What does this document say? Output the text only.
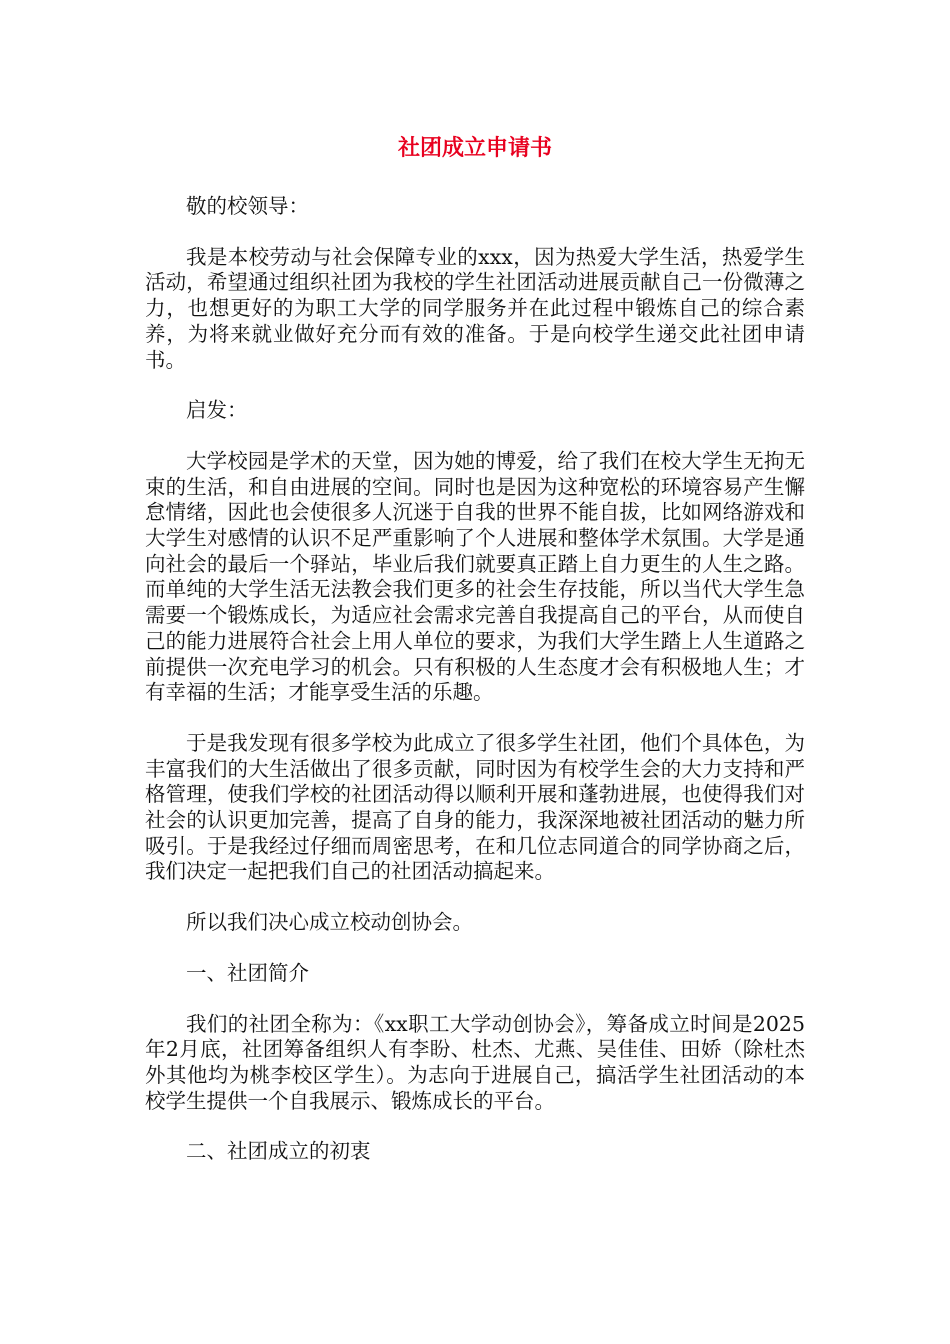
社团成立申请书

敬的校领导：

我是本校劳动与社会保障专业的xxx，因为热爱大学生活，热爱学生活动，希望通过组织社团为我校的学生社团活动进展贡献自己一份微薄之力，也想更好的为职工大学的同学服务并在此过程中锻炼自己的综合素养，为将来就业做好充分而有效的准备。于是向校学生递交此社团申请书。

启发：

大学校园是学术的天堂，因为她的博爱，给了我们在校大学生无拘无束的生活，和自由进展的空间。同时也是因为这种宽松的环境容易产生懈怠情绪，因此也会使很多人沉迷于自我的世界不能自拔，比如网络游戏和大学生对感情的认识不足严重影响了个人进展和整体学术氛围。大学是通向社会的最后一个驿站，毕业后我们就要真正踏上自力更生的人生之路。而单纯的大学生活无法教会我们更多的社会生存技能，所以当代大学生急需要一个锻炼成长，为适应社会需求完善自我提高自己的平台，从而使自己的能力进展符合社会上用人单位的要求，为我们大学生踏上人生道路之前提供一次充电学习的机会。只有积极的人生态度才会有积极地人生；才有幸福的生活；才能享受生活的乐趣。

于是我发现有很多学校为此成立了很多学生社团，他们个具体色，为丰富我们的大生活做出了很多贡献，同时因为有校学生会的大力支持和严格管理，使我们学校的社团活动得以顺利开展和蓬勃进展，也使得我们对社会的认识更加完善，提高了自身的能力，我深深地被社团活动的魅力所吸引。于是我经过仔细而周密思考，在和几位志同道合的同学协商之后，我们决定一起把我们自己的社团活动搞起来。

所以我们决心成立校动创协会。

一、社团简介

我们的社团全称为：《xx职工大学动创协会》，筹备成立时间是2025年2月底，社团筹备组织人有李盼、杜杰、尤燕、吴佳佳、田娇（除杜杰外其他均为桃李校区学生）。为志向于进展自己，搞活学生社团活动的本校学生提供一个自我展示、锻炼成长的平台。

二、社团成立的初衷
